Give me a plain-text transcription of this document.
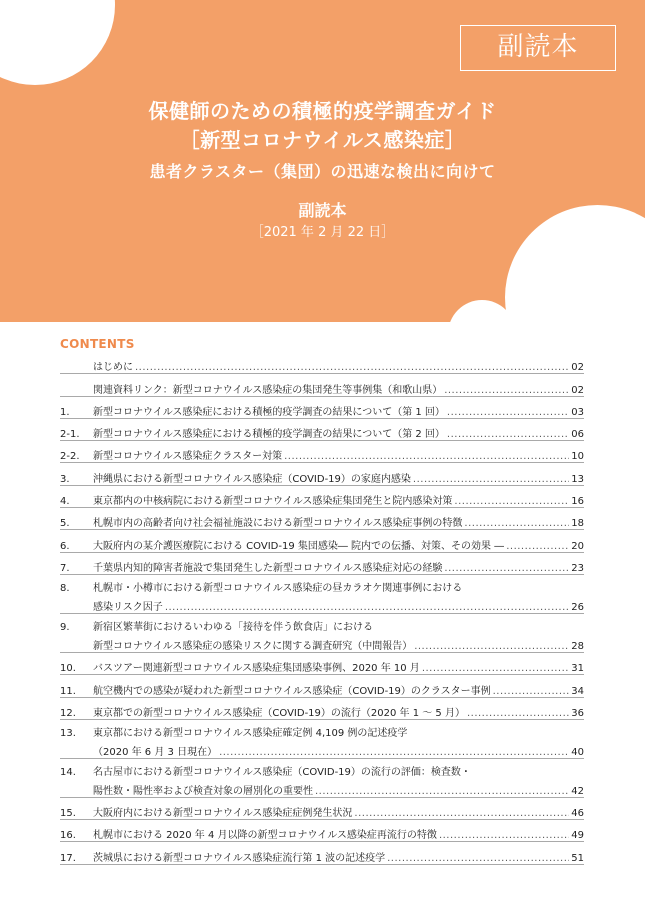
副読本
保健師のための積極的疫学調査ガイド
［新型コロナウイルス感染症］
患者クラスター（集団）の迅速な検出に向けて
副読本
［2021 年 2 月 22 日］
CONTENTS
はじめに .....	02
関連資料リンク：新型コロナウイルス感染症の集団発生等事例集（和歌山県） .....	02
1.	新型コロナウイルス感染症における積極的疫学調査の結果について（第 1 回） .....	03
2-1.	新型コロナウイルス感染症における積極的疫学調査の結果について（第 2 回） .....	06
2-2.	新型コロナウイルス感染症クラスター対策 .....	10
3.	沖縄県における新型コロナウイルス感染症（COVID-19）の家庭内感染 .....	13
4.	東京都内の中核病院における新型コロナウイルス感染症集団発生と院内感染対策 .....	16
5.	札幌市内の高齢者向け社会福祉施設における新型コロナウイルス感染症事例の特徴 .....	18
6.	大阪府内の某介護医療院における COVID-19 集団感染― 院内での伝播、対策、その効果 ― .....	20
7.	千葉県内知的障害者施設で集団発生した新型コロナウイルス感染症対応の経験 .....	23
8.	札幌市・小樽市における新型コロナウイルス感染症の昼カラオケ関連事例における
感染リスク因子 .....	26
9.	新宿区繁華街におけるいわゆる「接待を伴う飲食店」における
新型コロナウイルス感染症の感染リスクに関する調査研究（中間報告） .....	28
10.	バスツアー関連新型コロナウイルス感染症集団感染事例、2020 年 10 月 .....	31
11.	航空機内での感染が疑われた新型コロナウイルス感染症（COVID-19）のクラスター事例 .....	34
12.	東京都での新型コロナウイルス感染症（COVID-19）の流行（2020 年 1 ～ 5 月） .....	36
13.	東京都における新型コロナウイルス感染症確定例 4,109 例の記述疫学
（2020 年 6 月 3 日現在） .....	40
14.	名古屋市における新型コロナウイルス感染症（COVID-19）の流行の評価：検査数・
陽性数・陽性率および検査対象の層別化の重要性 .....	42
15.	大阪府内における新型コロナウイルス感染症症例発生状況 .....	46
16.	札幌市における 2020 年 4 月以降の新型コロナウイルス感染症再流行の特徴 .....	49
17.	茨城県における新型コロナウイルス感染症流行第 1 波の記述疫学 .....	51
